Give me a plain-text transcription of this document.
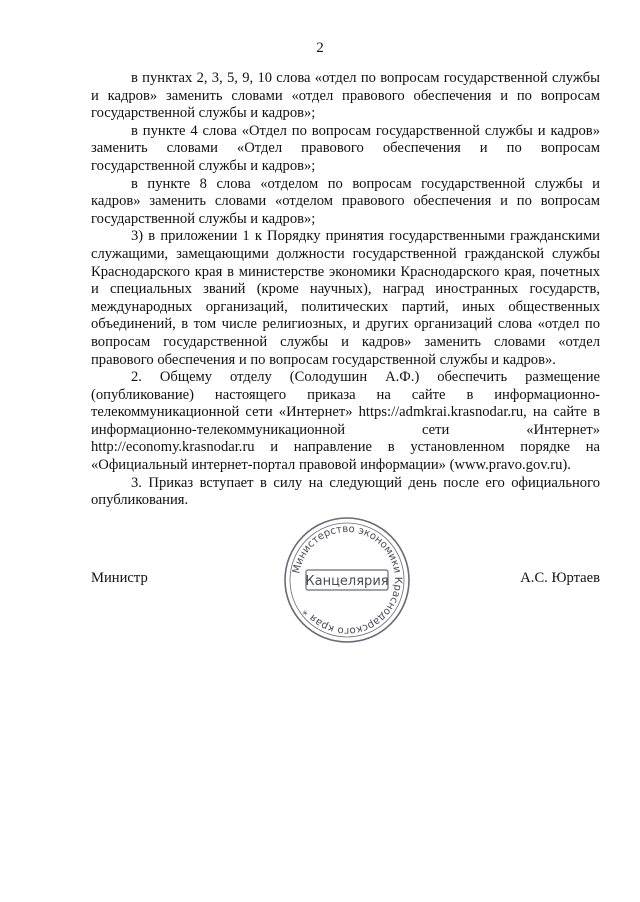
2

в пунктах 2, 3, 5, 9, 10 слова «отдел по вопросам государственной службы и кадров» заменить словами «отдел правового обеспечения и по вопросам государственной службы и кадров»;

в пункте 4 слова «Отдел по вопросам государственной службы и кадров» заменить словами «Отдел правового обеспечения и по вопросам государственной службы и кадров»;

в пункте 8 слова «отделом по вопросам государственной службы и кадров» заменить словами «отделом правового обеспечения и по вопросам государственной службы и кадров»;

3) в приложении 1 к Порядку принятия государственными гражданскими служащими, замещающими должности государственной гражданской службы Краснодарского края в министерстве экономики Краснодарского края, почетных и специальных званий (кроме научных), наград иностранных государств, международных организаций, политических партий, иных общественных объединений, в том числе религиозных, и других организаций слова «отдел по вопросам государственной службы и кадров» заменить словами «отдел правового обеспечения и по вопросам государственной службы и кадров».

2. Общему отделу (Солодушин А.Ф.) обеспечить размещение (опубликование) настоящего приказа на сайте в информационно-телекоммуникационной сети «Интернет» https://admkrai.krasnodar.ru, на сайте в информационно-телекоммуникационной сети «Интернет» http://economy.krasnodar.ru и направление в установленном порядке на «Официальный интернет-портал правовой информации» (www.pravo.gov.ru).

3. Приказ вступает в силу на следующий день после его официального опубликования.

Министр	А.С. Юртаев
Министерство экономики Краснодарского края *
Канцелярия
